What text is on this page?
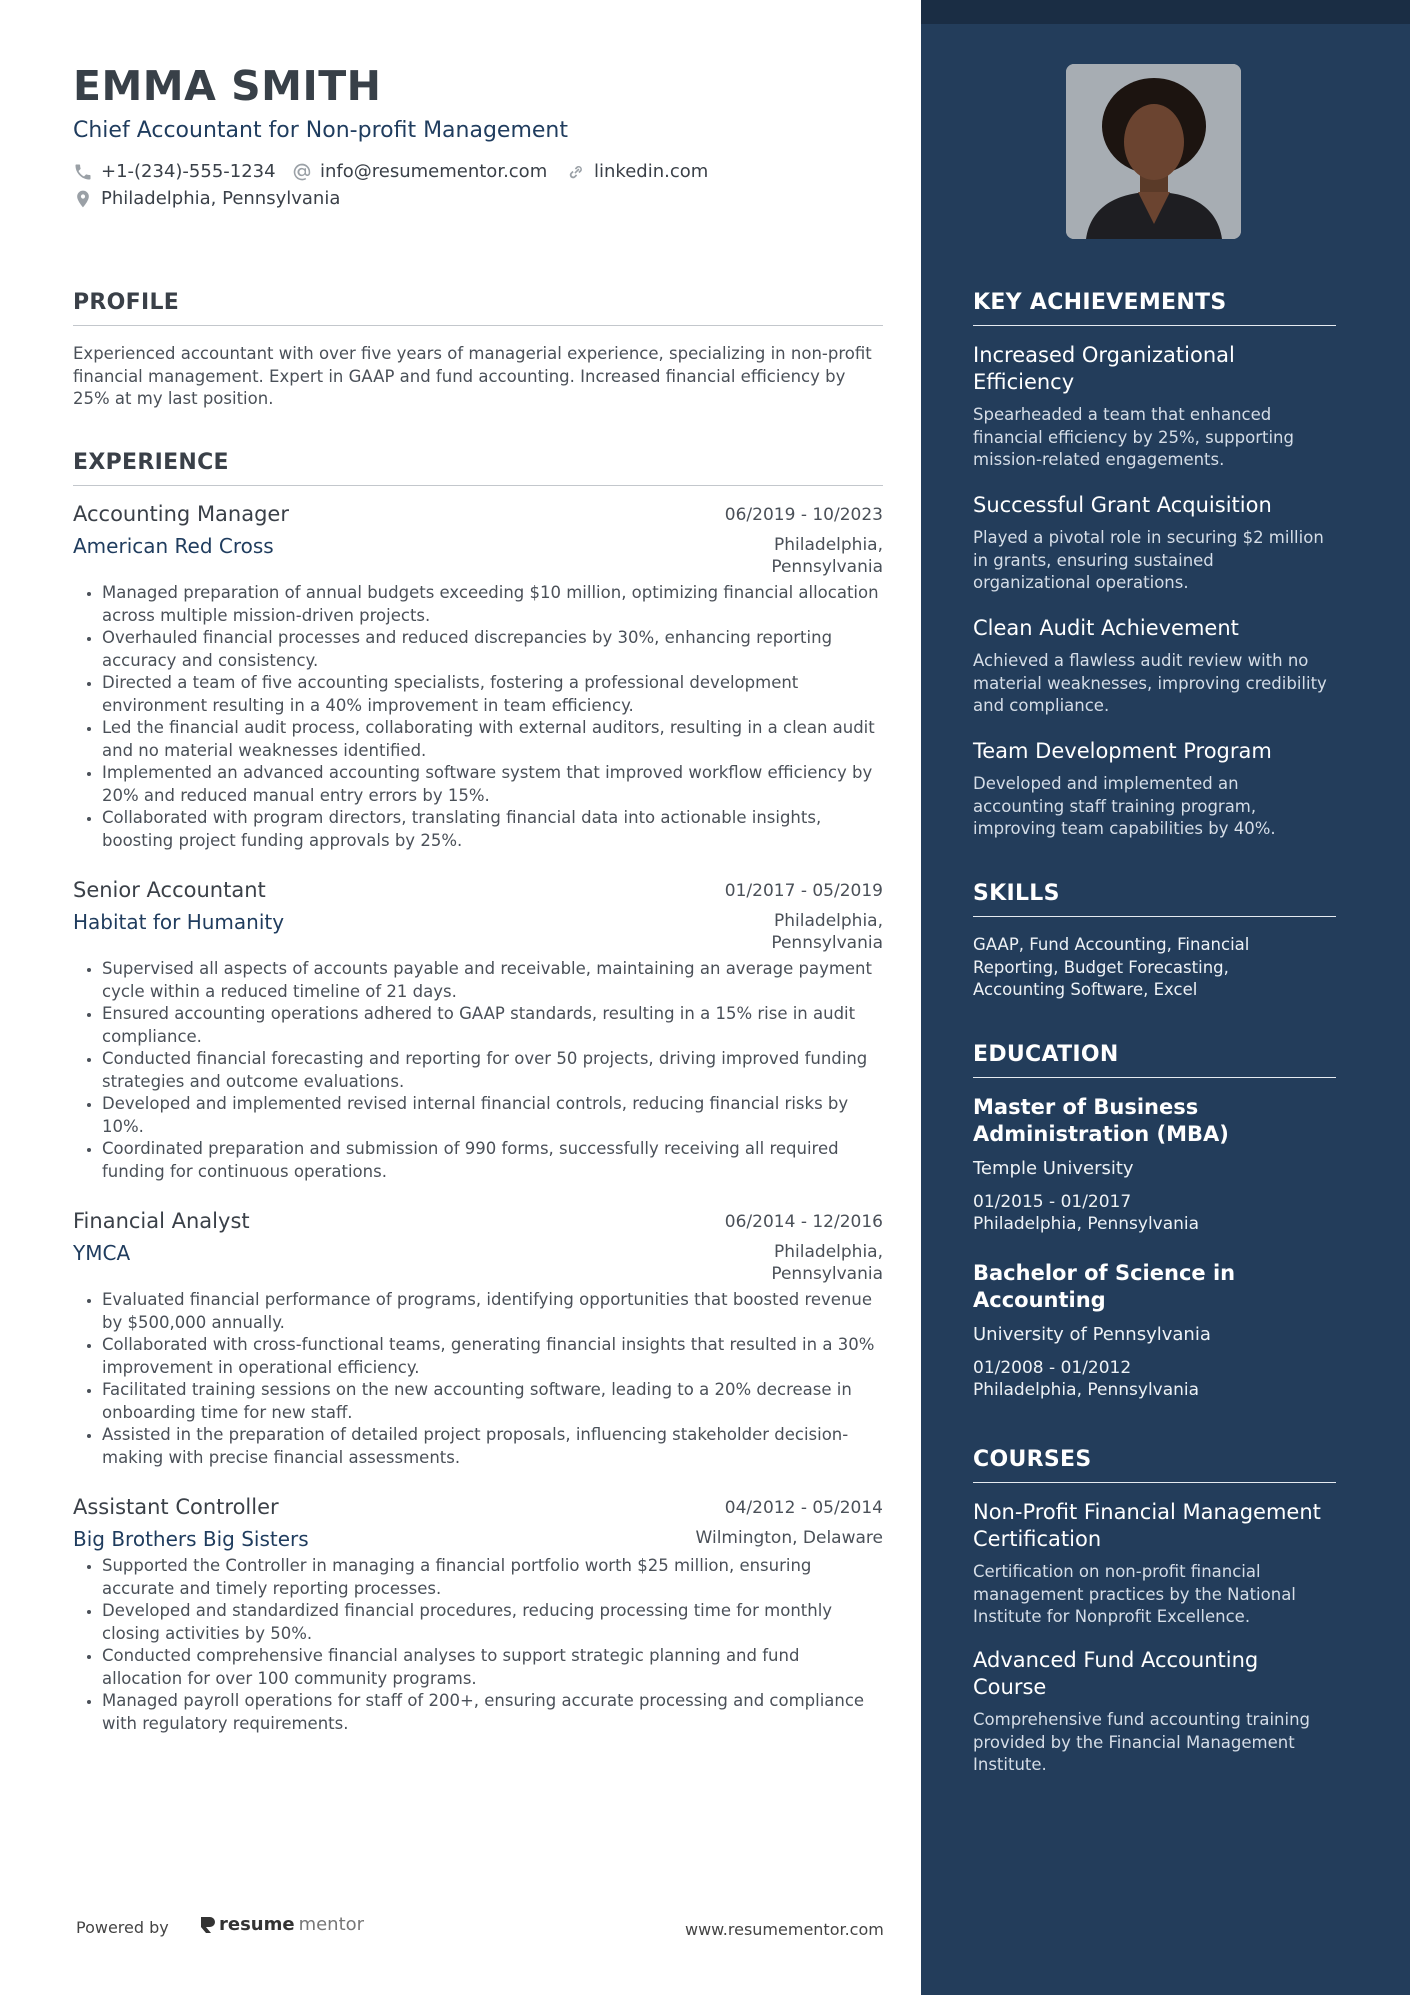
EMMA SMITH
Chief Accountant for Non-profit Management
+1-(234)-555-1234 info@resumementor.com	linkedin.com
Philadelphia, Pennsylvania
PROFILE

Experienced accountant with over five years of managerial experience, specializing in non-profit financial management. Expert in GAAP and fund accounting. Increased financial efficiency by 25% at my last position.

EXPERIENCE
Accounting Manager	06/2019 - 10/2023
American Red Cross	Philadelphia, Pennsylvania
• Managed preparation of annual budgets exceeding $10 million, optimizing financial allocation across multiple mission-driven projects.
• Overhauled financial processes and reduced discrepancies by 30%, enhancing reporting accuracy and consistency.
• Directed a team of five accounting specialists, fostering a professional development environment resulting in a 40% improvement in team efficiency.
• Led the financial audit process, collaborating with external auditors, resulting in a clean audit and no material weaknesses identified.
• Implemented an advanced accounting software system that improved workflow efficiency by 20% and reduced manual entry errors by 15%.
• Collaborated with program directors, translating financial data into actionable insights, boosting project funding approvals by 25%.
Senior Accountant	01/2017 - 05/2019
Habitat for Humanity	Philadelphia, Pennsylvania
• Supervised all aspects of accounts payable and receivable, maintaining an average payment cycle within a reduced timeline of 21 days.
• Ensured accounting operations adhered to GAAP standards, resulting in a 15% rise in audit compliance.
• Conducted financial forecasting and reporting for over 50 projects, driving improved funding strategies and outcome evaluations.
• Developed and implemented revised internal financial controls, reducing financial risks by 10%.
• Coordinated preparation and submission of 990 forms, successfully receiving all required funding for continuous operations.
Financial Analyst	06/2014 - 12/2016
YMCA	Philadelphia, Pennsylvania
• Evaluated financial performance of programs, identifying opportunities that boosted revenue by $500,000 annually.
• Collaborated with cross-functional teams, generating financial insights that resulted in a 30% improvement in operational efficiency.
• Facilitated training sessions on the new accounting software, leading to a 20% decrease in onboarding time for new staff.
• Assisted in the preparation of detailed project proposals, influencing stakeholder decision-making with precise financial assessments.
Assistant Controller	04/2012 - 05/2014
Big Brothers Big Sisters	Wilmington, Delaware
• Supported the Controller in managing a financial portfolio worth $25 million, ensuring accurate and timely reporting processes.
• Developed and standardized financial procedures, reducing processing time for monthly closing activities by 50%.
• Conducted comprehensive financial analyses to support strategic planning and fund allocation for over 100 community programs.
• Managed payroll operations for staff of 200+, ensuring accurate processing and compliance with regulatory requirements.
Powered by	resume mentor	www.resumementor.com
KEY ACHIEVEMENTS
Increased Organizational Efficiency
Spearheaded a team that enhanced financial efficiency by 25%, supporting mission-related engagements.
Successful Grant Acquisition
Played a pivotal role in securing $2 million in grants, ensuring sustained organizational operations.
Clean Audit Achievement
Achieved a flawless audit review with no material weaknesses, improving credibility and compliance.
Team Development Program
Developed and implemented an accounting staff training program, improving team capabilities by 40%.
SKILLS
GAAP, Fund Accounting, Financial Reporting, Budget Forecasting, Accounting Software, Excel
EDUCATION
Master of Business Administration (MBA)
Temple University
01/2015 - 01/2017
Philadelphia, Pennsylvania
Bachelor of Science in Accounting
University of Pennsylvania
01/2008 - 01/2012
Philadelphia, Pennsylvania
COURSES
Non-Profit Financial Management Certification
Certification on non-profit financial management practices by the National Institute for Nonprofit Excellence.
Advanced Fund Accounting Course
Comprehensive fund accounting training provided by the Financial Management Institute.
